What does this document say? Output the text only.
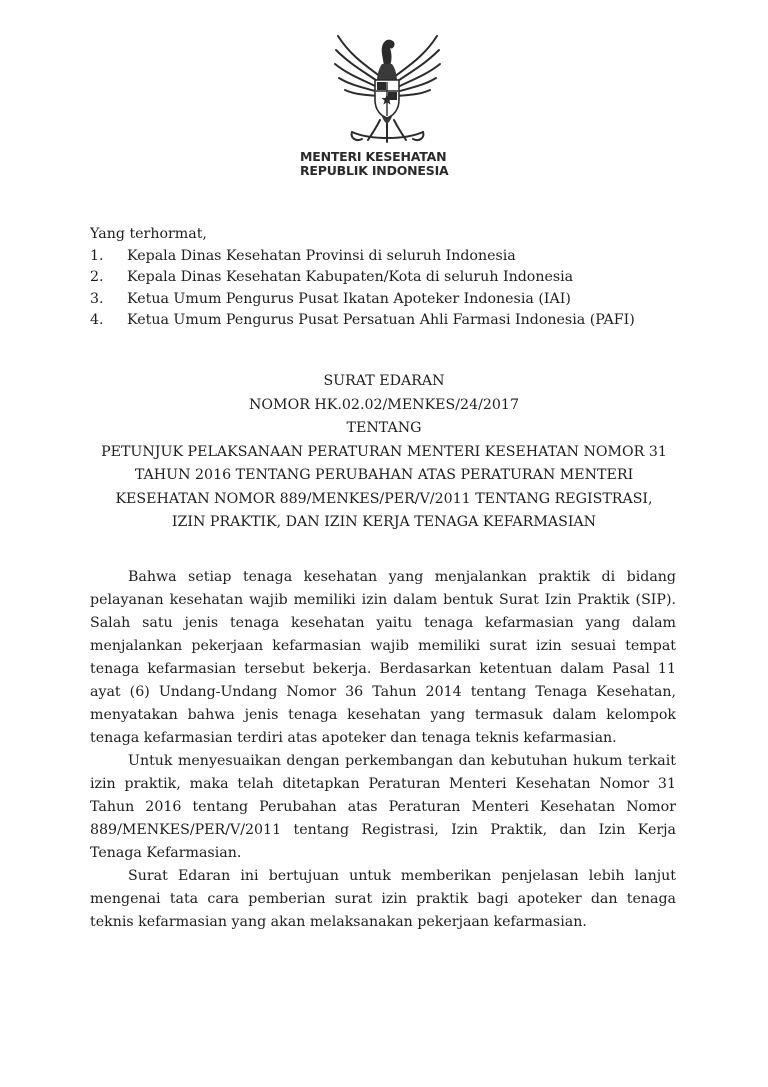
MENTERI KESEHATAN
REPUBLIK INDONESIA
Yang terhormat,
1.	Kepala Dinas Kesehatan Provinsi di seluruh Indonesia
2.	Kepala Dinas Kesehatan Kabupaten/Kota di seluruh Indonesia
3.	Ketua Umum Pengurus Pusat Ikatan Apoteker Indonesia (IAI)
4.	Ketua Umum Pengurus Pusat Persatuan Ahli Farmasi Indonesia (PAFI)
SURAT EDARAN
NOMOR HK.02.02/MENKES/24/2017
TENTANG
PETUNJUK PELAKSANAAN PERATURAN MENTERI KESEHATAN NOMOR 31
TAHUN 2016 TENTANG PERUBAHAN ATAS PERATURAN MENTERI
KESEHATAN NOMOR 889/MENKES/PER/V/2011 TENTANG REGISTRASI,
IZIN PRAKTIK, DAN IZIN KERJA TENAGA KEFARMASIAN

Bahwa setiap tenaga kesehatan yang menjalankan praktik di bidang pelayanan kesehatan wajib memiliki izin dalam bentuk Surat Izin Praktik (SIP). Salah satu jenis tenaga kesehatan yaitu tenaga kefarmasian yang dalam menjalankan pekerjaan kefarmasian wajib memiliki surat izin sesuai tempat tenaga kefarmasian tersebut bekerja. Berdasarkan ketentuan dalam Pasal 11 ayat (6) Undang-Undang Nomor 36 Tahun 2014 tentang Tenaga Kesehatan, menyatakan bahwa jenis tenaga kesehatan yang termasuk dalam kelompok tenaga kefarmasian terdiri atas apoteker dan tenaga teknis kefarmasian.

Untuk menyesuaikan dengan perkembangan dan kebutuhan hukum terkait izin praktik, maka telah ditetapkan Peraturan Menteri Kesehatan Nomor 31 Tahun 2016 tentang Perubahan atas Peraturan Menteri Kesehatan Nomor 889/MENKES/PER/V/2011 tentang Registrasi, Izin Praktik, dan Izin Kerja Tenaga Kefarmasian.

Surat Edaran ini bertujuan untuk memberikan penjelasan lebih lanjut mengenai tata cara pemberian surat izin praktik bagi apoteker dan tenaga teknis kefarmasian yang akan melaksanakan pekerjaan kefarmasian.
